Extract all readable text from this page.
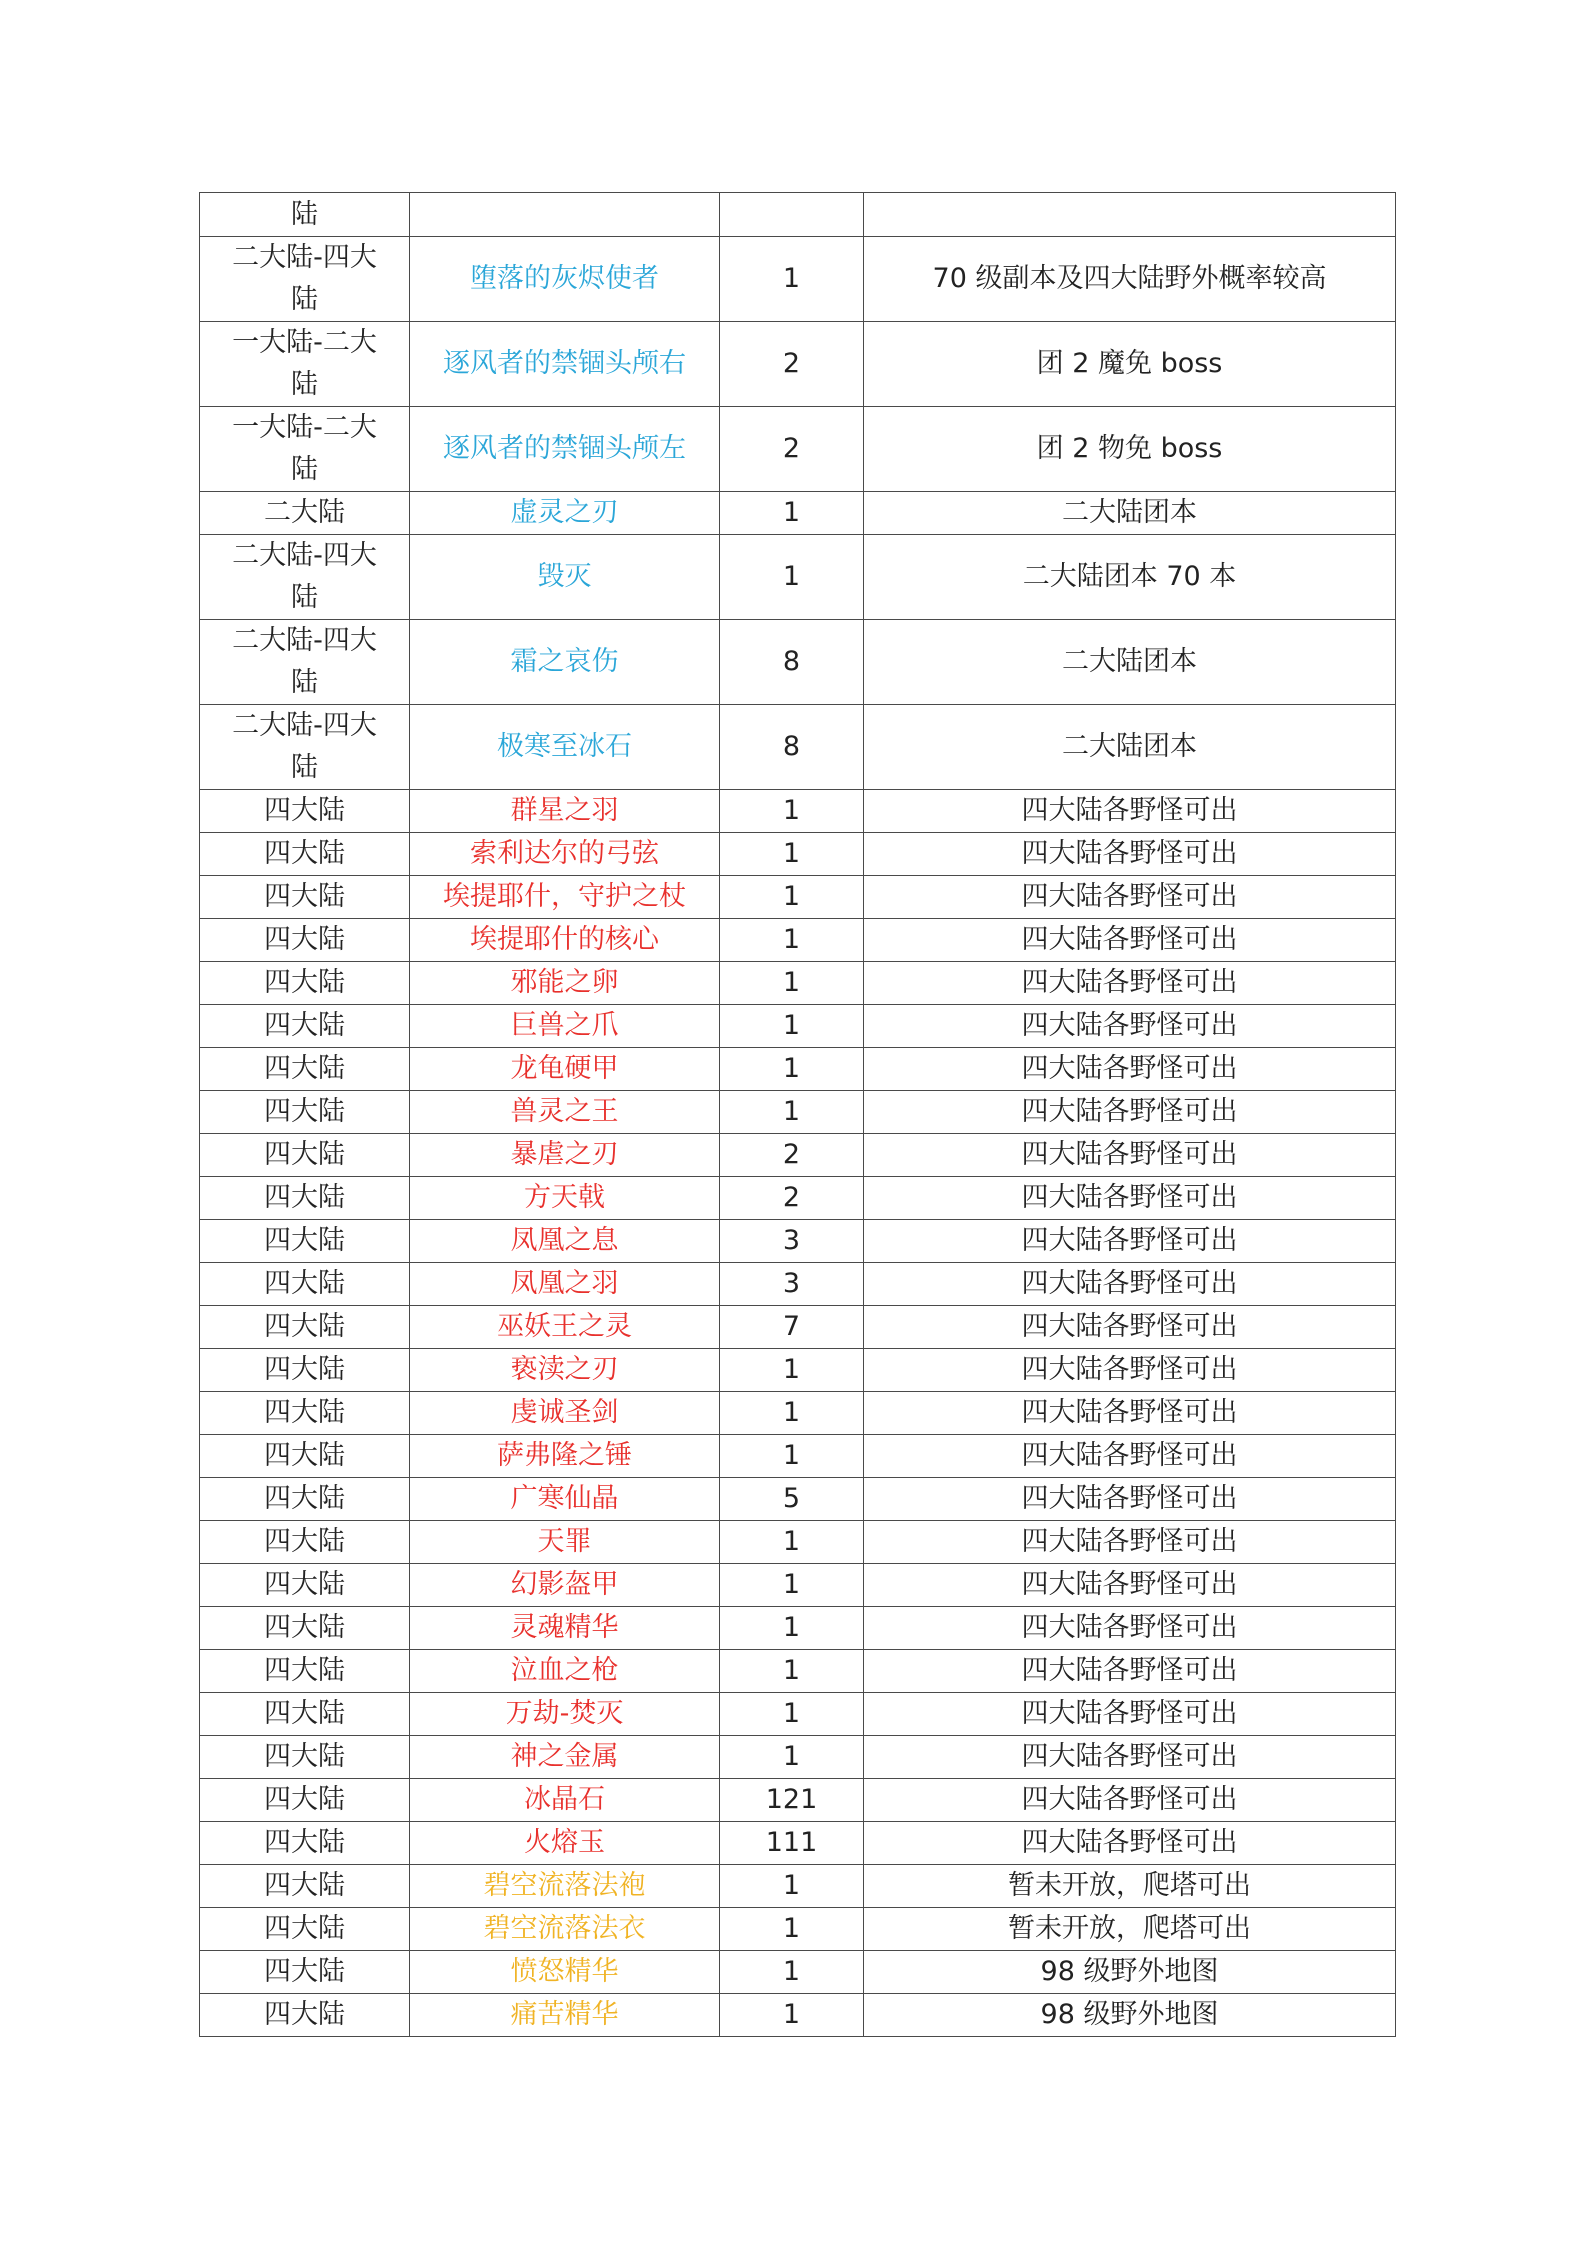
陆			
二大陆-四大陆	堕落的灰烬使者	1	70 级副本及四大陆野外概率较高
一大陆-二大陆	逐风者的禁锢头颅右	2	团 2 魔免 boss
一大陆-二大陆	逐风者的禁锢头颅左	2	团 2 物免 boss
二大陆	虚灵之刃	1	二大陆团本
二大陆-四大陆	毁灭	1	二大陆团本 70 本
二大陆-四大陆	霜之哀伤	8	二大陆团本
二大陆-四大陆	极寒至冰石	8	二大陆团本
四大陆	群星之羽	1	四大陆各野怪可出
四大陆	索利达尔的弓弦	1	四大陆各野怪可出
四大陆	埃提耶什，守护之杖	1	四大陆各野怪可出
四大陆	埃提耶什的核心	1	四大陆各野怪可出
四大陆	邪能之卵	1	四大陆各野怪可出
四大陆	巨兽之爪	1	四大陆各野怪可出
四大陆	龙龟硬甲	1	四大陆各野怪可出
四大陆	兽灵之王	1	四大陆各野怪可出
四大陆	暴虐之刃	2	四大陆各野怪可出
四大陆	方天戟	2	四大陆各野怪可出
四大陆	凤凰之息	3	四大陆各野怪可出
四大陆	凤凰之羽	3	四大陆各野怪可出
四大陆	巫妖王之灵	7	四大陆各野怪可出
四大陆	亵渎之刃	1	四大陆各野怪可出
四大陆	虔诚圣剑	1	四大陆各野怪可出
四大陆	萨弗隆之锤	1	四大陆各野怪可出
四大陆	广寒仙晶	5	四大陆各野怪可出
四大陆	天罪	1	四大陆各野怪可出
四大陆	幻影盔甲	1	四大陆各野怪可出
四大陆	灵魂精华	1	四大陆各野怪可出
四大陆	泣血之枪	1	四大陆各野怪可出
四大陆	万劫-焚灭	1	四大陆各野怪可出
四大陆	神之金属	1	四大陆各野怪可出
四大陆	冰晶石	121	四大陆各野怪可出
四大陆	火熔玉	111	四大陆各野怪可出
四大陆	碧空流落法袍	1	暂未开放，爬塔可出
四大陆	碧空流落法衣	1	暂未开放，爬塔可出
四大陆	愤怒精华	1	98 级野外地图
四大陆	痛苦精华	1	98 级野外地图
